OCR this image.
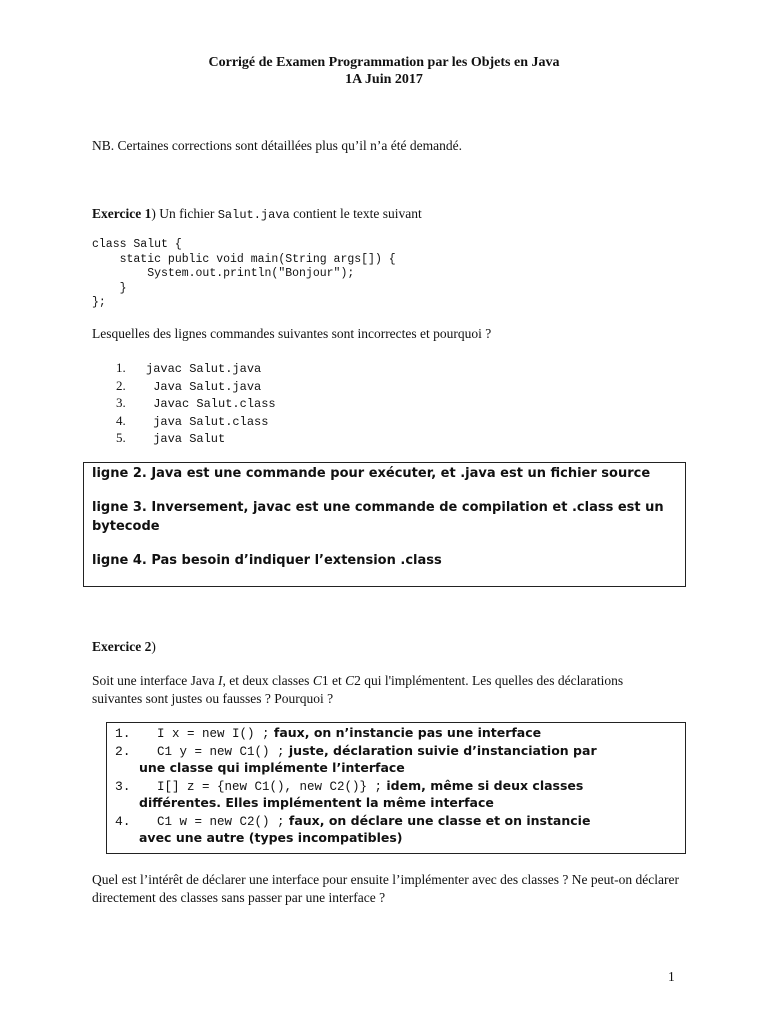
Corrigé de Examen Programmation par les Objets en Java
1A Juin 2017
NB. Certaines corrections sont détaillées plus qu’il n’a été demandé.
Exercice 1) Un fichier Salut.java contient le texte suivant
class Salut {
static public void main(String args[]) {
System.out.println("Bonjour");
}
};
Lesquelles des lignes commandes suivantes sont incorrectes et pourquoi ?
1. javac Salut.java
2. Java Salut.java
3. Javac Salut.class
4. java Salut.class
5. java Salut
ligne 2. Java est une commande pour exécuter, et .java est un fichier source
ligne 3. Inversement, javac est une commande de compilation et .class est un bytecode
ligne 4. Pas besoin d’indiquer l’extension .class
Exercice 2)
Soit une interface Java I, et deux classes C1 et C2 qui l'implémentent. Les quelles des déclarations suivantes sont justes ou fausses ? Pourquoi ?
1. I x = new I() ; faux, on n’instancie pas une interface
2. C1 y = new C1() ; juste, déclaration suivie d’instanciation par
une classe qui implémente l’interface
3. I[] z = {new C1(), new C2()} ; idem, même si deux classes
différentes. Elles implémentent la même interface
4. C1 w = new C2() ; faux, on déclare une classe et on instancie
avec une autre (types incompatibles)
Quel est l’intérêt de déclarer une interface pour ensuite l’implémenter avec des classes ? Ne peut-on déclarer directement des classes sans passer par une interface ?
1
